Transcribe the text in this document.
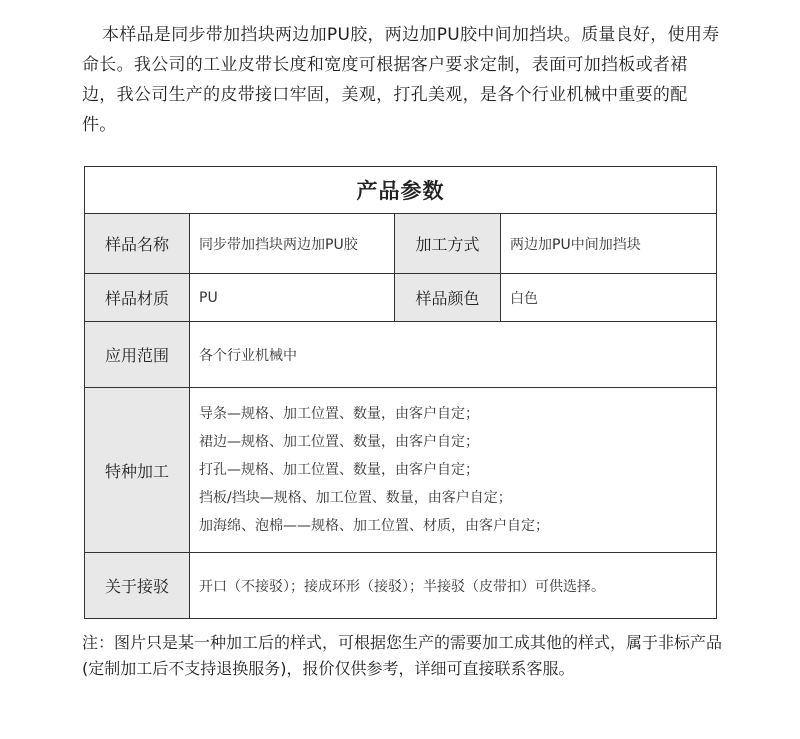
本样品是同步带加挡块两边加PU胶，两边加PU胶中间加挡块。质量良好，使用寿命长。我公司的工业皮带长度和宽度可根据客户要求定制，表面可加挡板或者裙边，我公司生产的皮带接口牢固，美观，打孔美观，是各个行业机械中重要的配件。

产品参数			
样品名称	同步带加挡块两边加PU胶	加工方式	两边加PU中间加挡块
样品材质	PU	样品颜色	白色
应用范围	各个行业机械中		
特种加工	导条—规格、加工位置、数量，由客户自定；
裙边—规格、加工位置、数量，由客户自定；
打孔—规格、加工位置、数量，由客户自定；
挡板/挡块—规格、加工位置、数量，由客户自定；
加海绵、泡棉——规格、加工位置、材质，由客户自定；		

关于接驳	开口（不接驳）；接成环形（接驳）；半接驳（皮带扣）可供选择。		

注：图片只是某一种加工后的样式，可根据您生产的需要加工成其他的样式，属于非标产品(定制加工后不支持退换服务)，报价仅供参考，详细可直接联系客服。
